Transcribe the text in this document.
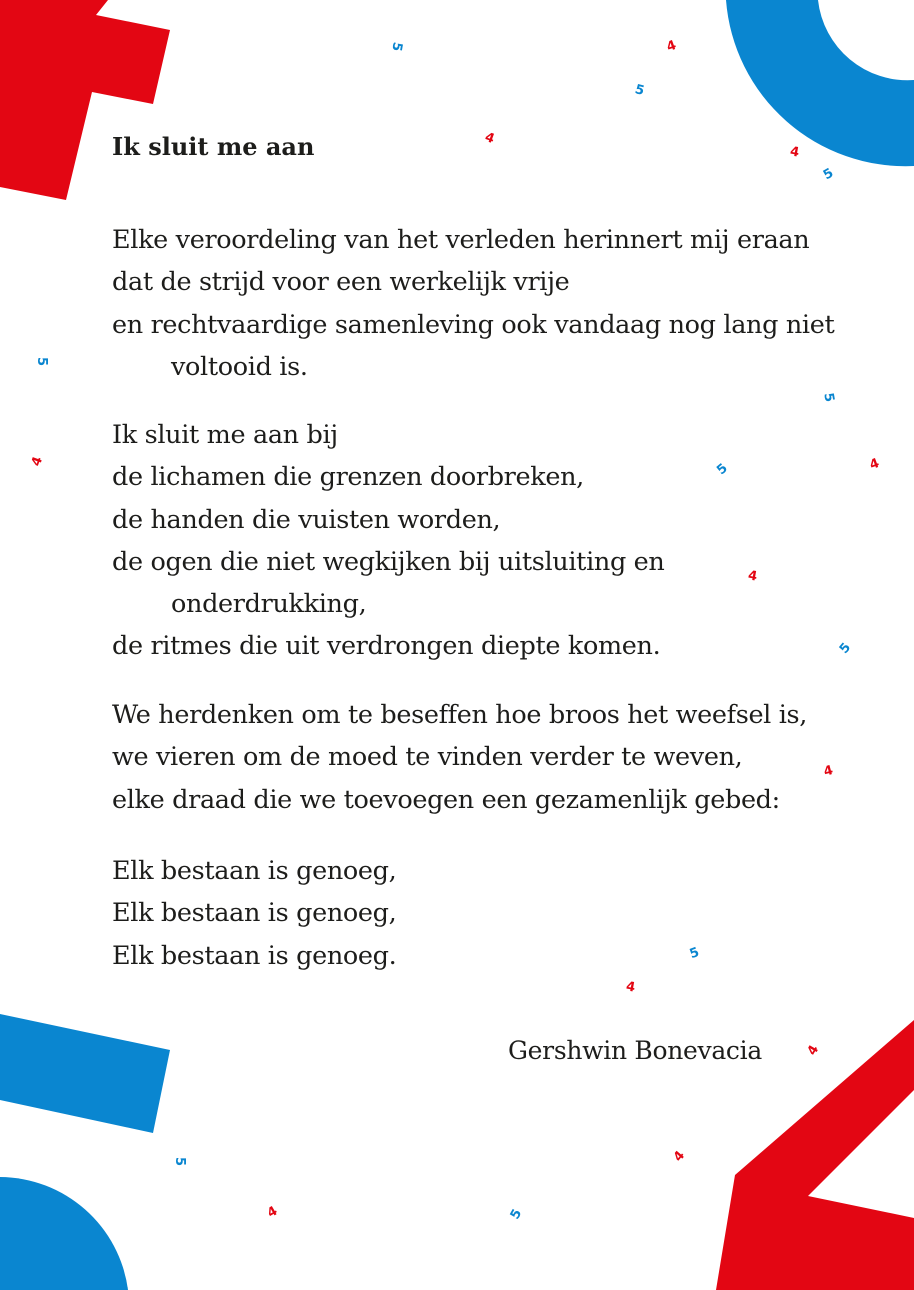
5	4
5
4
4
5
5
5
4	4
5
4
5
4
5
4
4
5	4
4	5
Ik sluit me aan

Elke veroordeling van het verleden herinnert mij eraan
dat de strijd voor een werkelijk vrije
en rechtvaardige samenleving ook vandaag nog lang niet
voltooid is.

Ik sluit me aan bij
de lichamen die grenzen doorbreken,
de handen die vuisten worden,
de ogen die niet wegkijken bij uitsluiting en
onderdrukking,
de ritmes die uit verdrongen diepte komen.

We herdenken om te beseffen hoe broos het weefsel is,
we vieren om de moed te vinden verder te weven,
elke draad die we toevoegen een gezamenlijk gebed:

Elk bestaan is genoeg,
Elk bestaan is genoeg,
Elk bestaan is genoeg.

Gershwin Bonevacia
